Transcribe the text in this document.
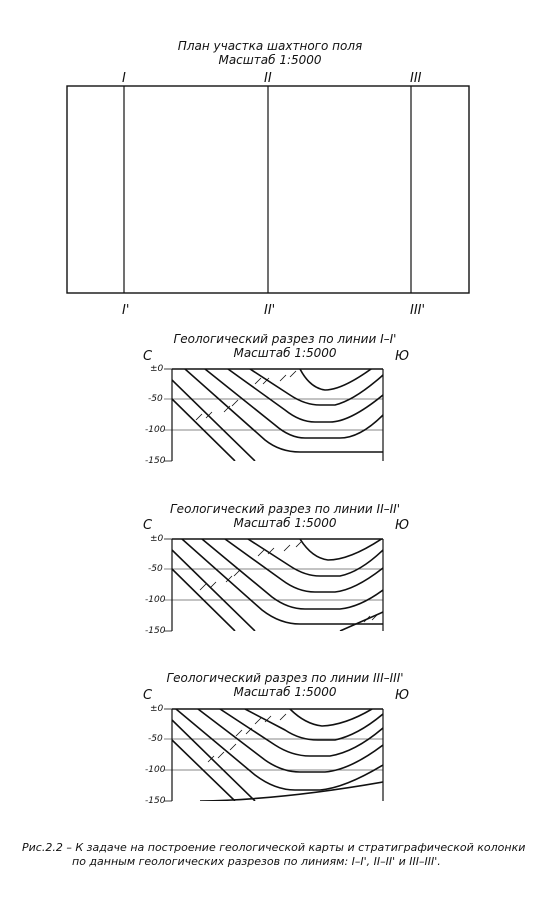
План участка шахтного поля
Масштаб 1:5000
I	II	III
I'	II'	III'
Геологический разрез по линии I–I'
Масштаб 1:5000
С	Ю
±0
-50
-100
-150
Геологический разрез по линии II–II'
Масштаб 1:5000
С	Ю
±0
-50
-100
-150
Геологический разрез по линии III–III'
Масштаб 1:5000
С	Ю
±0
-50
-100
-150
Рис.2.2 – К задаче на построение геологической карты и стратиграфической колонки
по данным геологических разрезов по линиям: I–I', II–II' и III–III'.
